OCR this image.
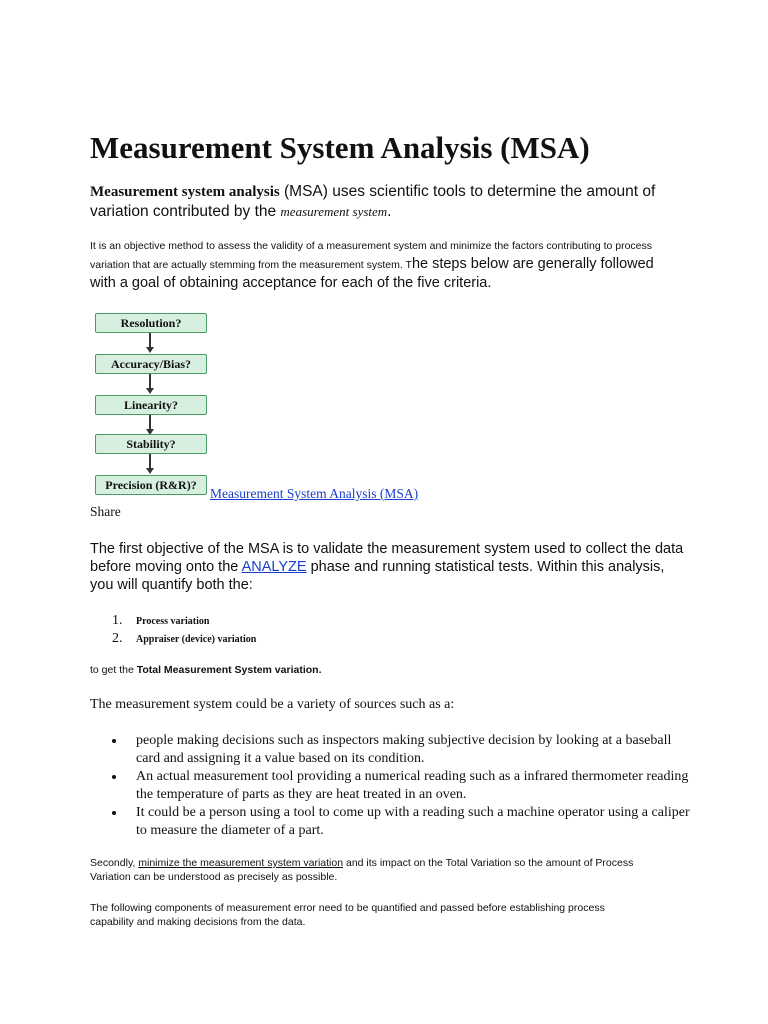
Measurement System Analysis (MSA)

Measurement system analysis (MSA) uses scientific tools to determine the amount of variation contributed by the measurement system.

It is an objective method to assess the validity of a measurement system and minimize the factors contributing to process variation that are actually stemming from the measurement system. The steps below are generally followed with a goal of obtaining acceptance for each of the five criteria.

Resolution?
Accuracy/Bias?
Linearity?
Stability?
Precision (R&R)?
Measurement System Analysis (MSA)
Share

The first objective of the MSA is to validate the measurement system used to collect the data before moving onto the ANALYZE phase and running statistical tests. Within this analysis, you will quantify both the:

1. Process variation
2. Appraiser (device) variation

to get the Total Measurement System variation.

The measurement system could be a variety of sources such as a:

people making decisions such as inspectors making subjective decision by looking at a baseball card and assigning it a value based on its condition.
An actual measurement tool providing a numerical reading such as a infrared thermometer reading the temperature of parts as they are heat treated in an oven.
It could be a person using a tool to come up with a reading such a machine operator using a caliper to measure the diameter of a part.

Secondly, minimize the measurement system variation and its impact on the Total Variation so the amount of Process Variation can be understood as precisely as possible.

The following components of measurement error need to be quantified and passed before establishing process capability and making decisions from the data.
